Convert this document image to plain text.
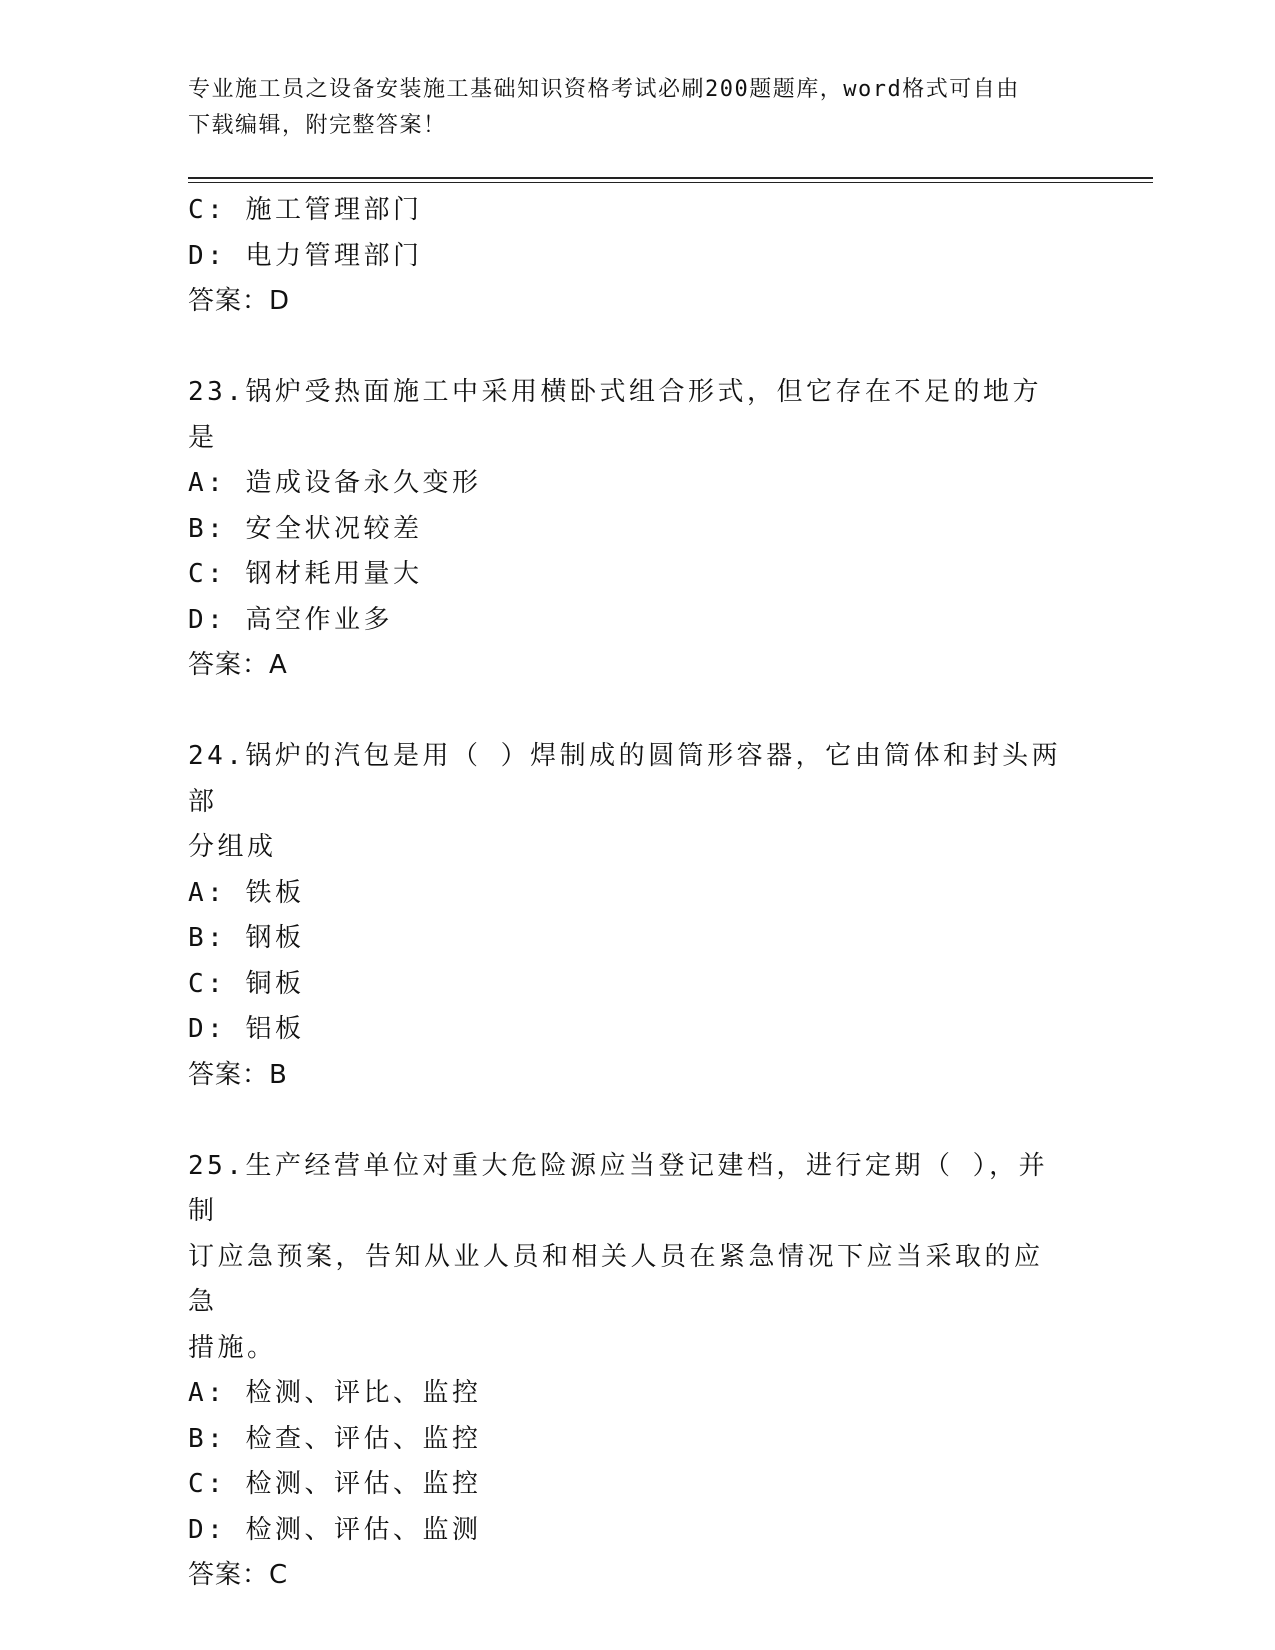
专业施工员之设备安装施工基础知识资格考试必刷200题题库，word格式可自由
下载编辑，附完整答案！
C: 施工管理部门
D: 电力管理部门
答案：D
23.锅炉受热面施工中采用横卧式组合形式，但它存在不足的地方是
A: 造成设备永久变形
B: 安全状况较差
C: 钢材耗用量大
D: 高空作业多
答案：A
24.锅炉的汽包是用（ ）焊制成的圆筒形容器，它由筒体和封头两部
分组成
A: 铁板
B: 钢板
C: 铜板
D: 铝板
答案：B
25.生产经营单位对重大危险源应当登记建档，进行定期（ ），并制
订应急预案，告知从业人员和相关人员在紧急情况下应当采取的应急
措施。
A: 检测、评比、监控
B: 检查、评估、监控
C: 检测、评估、监控
D: 检测、评估、监测
答案：C
